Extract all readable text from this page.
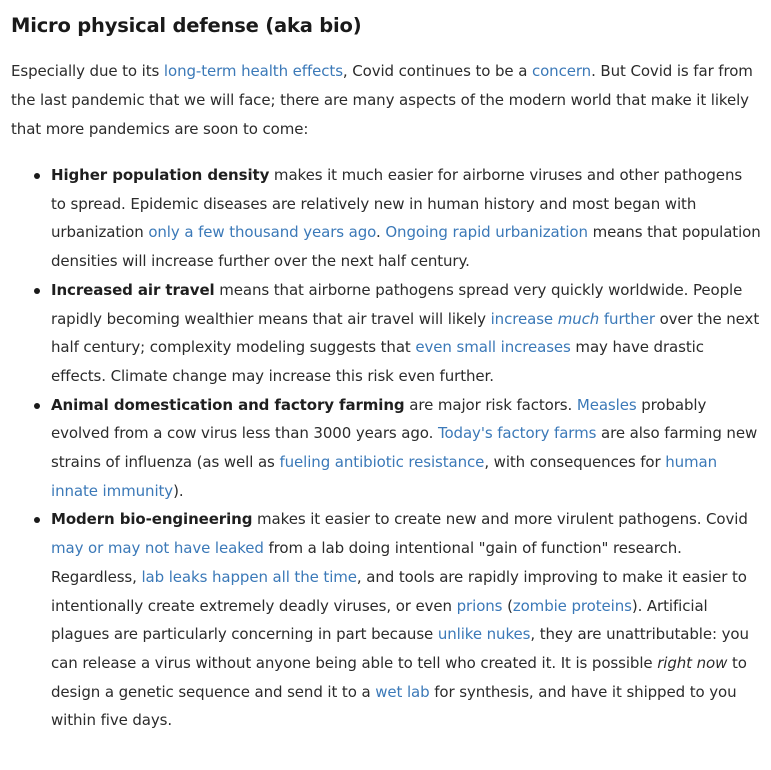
Micro physical defense (aka bio)

Especially due to its long-term health effects, Covid continues to be a concern. But Covid is far from the last pandemic that we will face; there are many aspects of the modern world that make it likely that more pandemics are soon to come:

Higher population density makes it much easier for airborne viruses and other pathogens to spread. Epidemic diseases are relatively new in human history and most began with urbanization only a few thousand years ago. Ongoing rapid urbanization means that population densities will increase further over the next half century.
Increased air travel means that airborne pathogens spread very quickly worldwide. People rapidly becoming wealthier means that air travel will likely increase much further over the next half century; complexity modeling suggests that even small increases may have drastic effects. Climate change may increase this risk even further.
Animal domestication and factory farming are major risk factors. Measles probably evolved from a cow virus less than 3000 years ago. Today's factory farms are also farming new strains of influenza (as well as fueling antibiotic resistance, with consequences for human innate immunity).
Modern bio-engineering makes it easier to create new and more virulent pathogens. Covid may or may not have leaked from a lab doing intentional "gain of function" research. Regardless, lab leaks happen all the time, and tools are rapidly improving to make it easier to intentionally create extremely deadly viruses, or even prions (zombie proteins). Artificial plagues are particularly concerning in part because unlike nukes, they are unattributable: you can release a virus without anyone being able to tell who created it. It is possible right now to design a genetic sequence and send it to a wet lab for synthesis, and have it shipped to you within five days.
